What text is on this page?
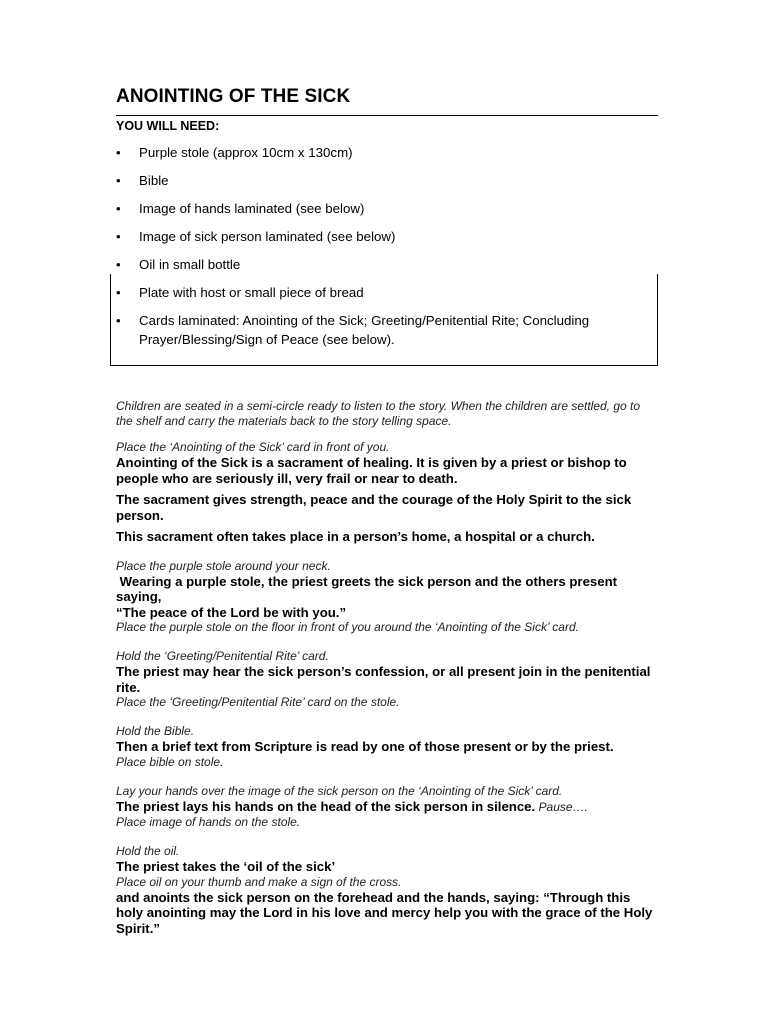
ANOINTING OF THE SICK

YOU WILL NEED:

• Purple stole (approx 10cm x 130cm)
• Bible
• Image of hands laminated (see below)
• Image of sick person laminated (see below)
• Oil in small bottle
• Plate with host or small piece of bread
• Cards laminated: Anointing of the Sick; Greeting/Penitential Rite; Concluding Prayer/Blessing/Sign of Peace (see below).

Children are seated in a semi-circle ready to listen to the story. When the children are settled, go to the shelf and carry the materials back to the story telling space.

Place the ‘Anointing of the Sick’ card in front of you.

Anointing of the Sick is a sacrament of healing. It is given by a priest or bishop to people who are seriously ill, very frail or near to death.

The sacrament gives strength, peace and the courage of the Holy Spirit to the sick person.

This sacrament often takes place in a person’s home, a hospital or a church.

Place the purple stole around your neck.

Wearing a purple stole, the priest greets the sick person and the others present saying,

“The peace of the Lord be with you.”

Place the purple stole on the floor in front of you around the ‘Anointing of the Sick’ card.

Hold the ‘Greeting/Penitential Rite’ card.

The priest may hear the sick person’s confession, or all present join in the penitential rite.

Place the ‘Greeting/Penitential Rite’ card on the stole.

Hold the Bible.

Then a brief text from Scripture is read by one of those present or by the priest.

Place bible on stole.

Lay your hands over the image of the sick person on the ‘Anointing of the Sick’ card.

The priest lays his hands on the head of the sick person in silence. Pause….

Place image of hands on the stole.

Hold the oil.

The priest takes the ‘oil of the sick’

Place oil on your thumb and make a sign of the cross.

and anoints the sick person on the forehead and the hands, saying: “Through this holy anointing may the Lord in his love and mercy help you with the grace of the Holy Spirit.”
